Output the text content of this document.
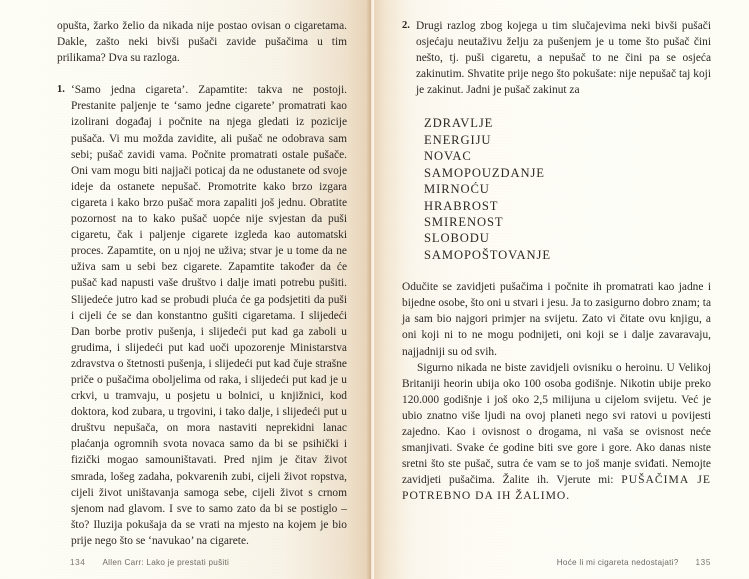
opušta, žarko želio da nikada nije postao ovisan o cigaretama. Dakle, zašto neki bivši pušači zavide pušačima u tim prilikama? Dva su razloga.

1. ‘Samo jedna cigareta’. Zapamtite: takva ne postoji. Prestanite paljenje te ‘samo jedne cigarete’ promatrati kao izolirani događaj i počnite na njega gledati iz pozicije pušača. Vi mu možda zavidite, ali pušač ne odobrava sam sebi; pušač zavidi vama. Počnite promatrati ostale pušače. Oni vam mogu biti najjači poticaj da ne odustanete od svoje ideje da ostanete nepušač. Promotrite kako brzo izgara cigareta i kako brzo pušač mora zapaliti još jednu. Obratite pozornost na to kako pušač uopće nije svjestan da puši cigaretu, čak i paljenje cigarete izgleda kao automatski proces. Zapamtite, on u njoj ne uživa; stvar je u tome da ne uživa sam u sebi bez cigarete. Zapamtite također da će pušač kad napusti vaše društvo i dalje imati potrebu pušiti. Slijedeće jutro kad se probudi pluća će ga podsjetiti da puši i cijeli će se dan konstantno gušiti cigaretama. I slijedeći Dan borbe protiv pušenja, i slijedeći put kad ga zaboli u grudima, i slijedeći put kad uoči upozorenje Ministarstva zdravstva o štetnosti pušenja, i slijedeći put kad čuje strašne priče o pušačima oboljelima od raka, i slijedeći put kad je u crkvi, u tramvaju, u posjetu u bolnici, u knjižnici, kod doktora, kod zubara, u trgovini, i tako dalje, i slijedeći put u društvu nepušača, on mora nastaviti neprekidni lanac plaćanja ogromnih svota novaca samo da bi se psihički i fizički mogao samouništavati. Pred njim je čitav život smrada, lošeg zadaha, pokvarenih zubi, cijeli život ropstva, cijeli život uništavanja samoga sebe, cijeli život s crnom sjenom nad glavom. I sve to samo zato da bi se postiglo – što? Iluzija pokušaja da se vrati na mjesto na kojem je bio prije nego što se ‘navukao’ na cigarete.
134 Allen Carr: Lako je prestati pušiti
2. Drugi razlog zbog kojega u tim slučajevima neki bivši pušači osjećaju neutaživu želju za pušenjem je u tome što pušač čini nešto, tj. puši cigaretu, a nepušač to ne čini pa se osjeća zakinutim. Shvatite prije nego što pokušate: nije nepušač taj koji je zakinut. Jadni je pušač zakinut za
ZDRAVLJE
ENERGIJU
NOVAC
SAMOPOUZDANJE
MIRNOĆU
HRABROST
SMIRENOST
SLOBODU
SAMOPOŠTOVANJE

Odučite se zavidjeti pušačima i počnite ih promatrati kao jadne i bijedne osobe, što oni u stvari i jesu. Ja to zasigurno dobro znam; ta ja sam bio najgori primjer na svijetu. Zato vi čitate ovu knjigu, a oni koji ni to ne mogu podnijeti, oni koji se i dalje zavaravaju, najjadniji su od svih.

Sigurno nikada ne biste zavidjeli ovisniku o heroinu. U Velikoj Britaniji heorin ubija oko 100 osoba godišnje. Nikotin ubije preko 120.000 godišnje i još oko 2,5 milijuna u cijelom svijetu. Već je ubio znatno više ljudi na ovoj planeti nego svi ratovi u povijesti zajedno. Kao i ovisnost o drogama, ni vaša se ovisnost neće smanjivati. Svake će godine biti sve gore i gore. Ako danas niste sretni što ste pušač, sutra će vam se to još manje sviđati. Nemojte zavidjeti pušačima. Žalite ih. Vjerute mi: PUŠAČIMA JE POTREBNO DA IH ŽALIMO.

Hoće li mi cigareta nedostajati? 135
